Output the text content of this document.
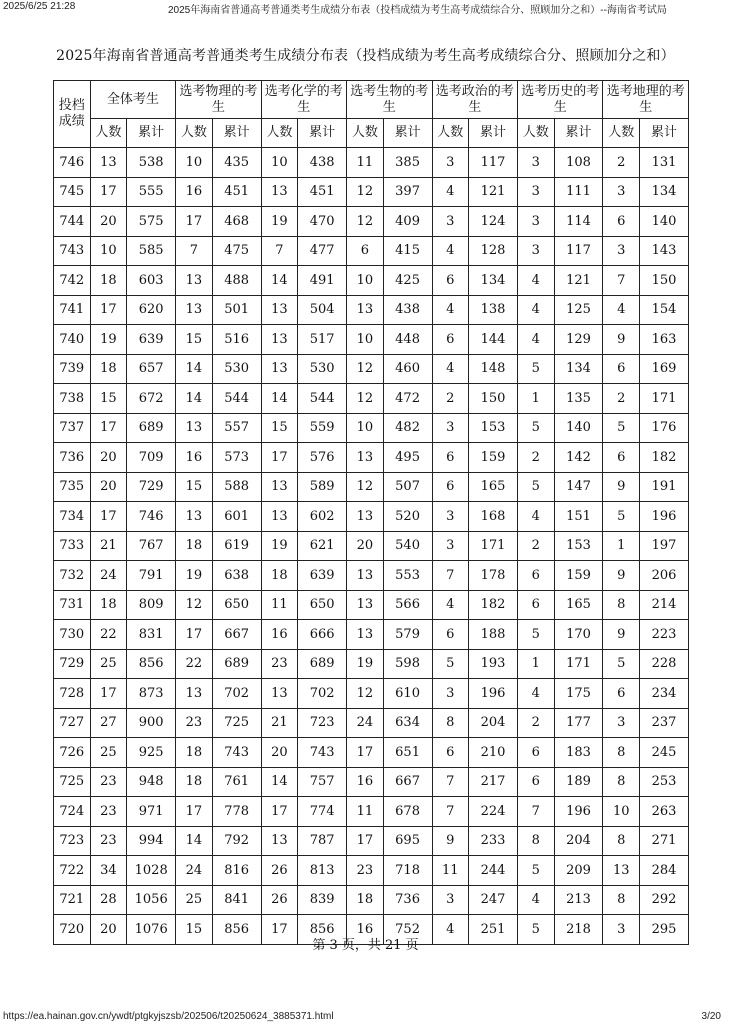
2025/6/25 21:28	2025年海南省普通高考普通类考生成绩分布表（投档成绩为考生高考成绩综合分、照顾加分之和）--海南省考试局
2025年海南省普通高考普通类考生成绩分布表（投档成绩为考生高考成绩综合分、照顾加分之和）
投档成绩	全体考生		选考物理的考生		选考化学的考生		选考生物的考生		选考政治的考生		选考历史的考生		选考地理的考生	
	人数	累计	人数	累计	人数	累计	人数	累计	人数	累计	人数	累计	人数	累计
746	13	538	10	435	10	438	11	385	3	117	3	108	2	131
745	17	555	16	451	13	451	12	397	4	121	3	111	3	134
744	20	575	17	468	19	470	12	409	3	124	3	114	6	140
743	10	585	7	475	7	477	6	415	4	128	3	117	3	143
742	18	603	13	488	14	491	10	425	6	134	4	121	7	150
741	17	620	13	501	13	504	13	438	4	138	4	125	4	154
740	19	639	15	516	13	517	10	448	6	144	4	129	9	163
739	18	657	14	530	13	530	12	460	4	148	5	134	6	169
738	15	672	14	544	14	544	12	472	2	150	1	135	2	171
737	17	689	13	557	15	559	10	482	3	153	5	140	5	176
736	20	709	16	573	17	576	13	495	6	159	2	142	6	182
735	20	729	15	588	13	589	12	507	6	165	5	147	9	191
734	17	746	13	601	13	602	13	520	3	168	4	151	5	196
733	21	767	18	619	19	621	20	540	3	171	2	153	1	197
732	24	791	19	638	18	639	13	553	7	178	6	159	9	206
731	18	809	12	650	11	650	13	566	4	182	6	165	8	214
730	22	831	17	667	16	666	13	579	6	188	5	170	9	223
729	25	856	22	689	23	689	19	598	5	193	1	171	5	228
728	17	873	13	702	13	702	12	610	3	196	4	175	6	234
727	27	900	23	725	21	723	24	634	8	204	2	177	3	237
726	25	925	18	743	20	743	17	651	6	210	6	183	8	245
725	23	948	18	761	14	757	16	667	7	217	6	189	8	253
724	23	971	17	778	17	774	11	678	7	224	7	196	10	263
723	23	994	14	792	13	787	17	695	9	233	8	204	8	271
722	34	1028	24	816	26	813	23	718	11	244	5	209	13	284
721	28	1056	25	841	26	839	18	736	3	247	4	213	8	292
720	20	1076	15	856	17	856	16	752	4	251	5	218	3	295
第 3 页，共 21 页
https://ea.hainan.gov.cn/ywdt/ptgkyjszsb/202506/t20250624_3885371.html	3/20
